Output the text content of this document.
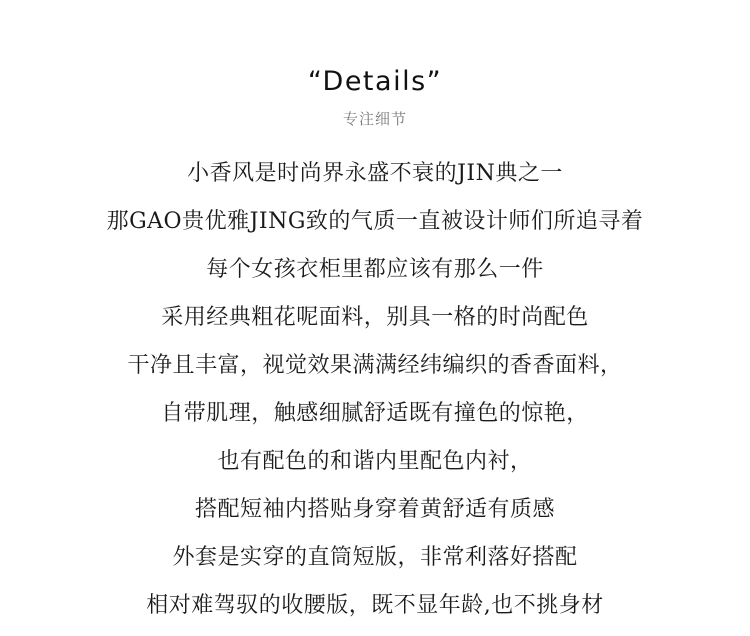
“Details”
专注细节
小香风是时尚界永盛不衰的JIN典之一
那GAO贵优雅JING致的气质一直被设计师们所追寻着
每个女孩衣柜里都应该有那么一件
采用经典粗花呢面料，别具一格的时尚配色
干净且丰富，视觉效果满满经纬编织的香香面料，
自带肌理，触感细腻舒适既有撞色的惊艳，
也有配色的和谐内里配色内衬，
搭配短袖内搭贴身穿着黄舒适有质感
外套是实穿的直筒短版，非常利落好搭配
相对难驾驭的收腰版，既不显年龄,也不挑身材
